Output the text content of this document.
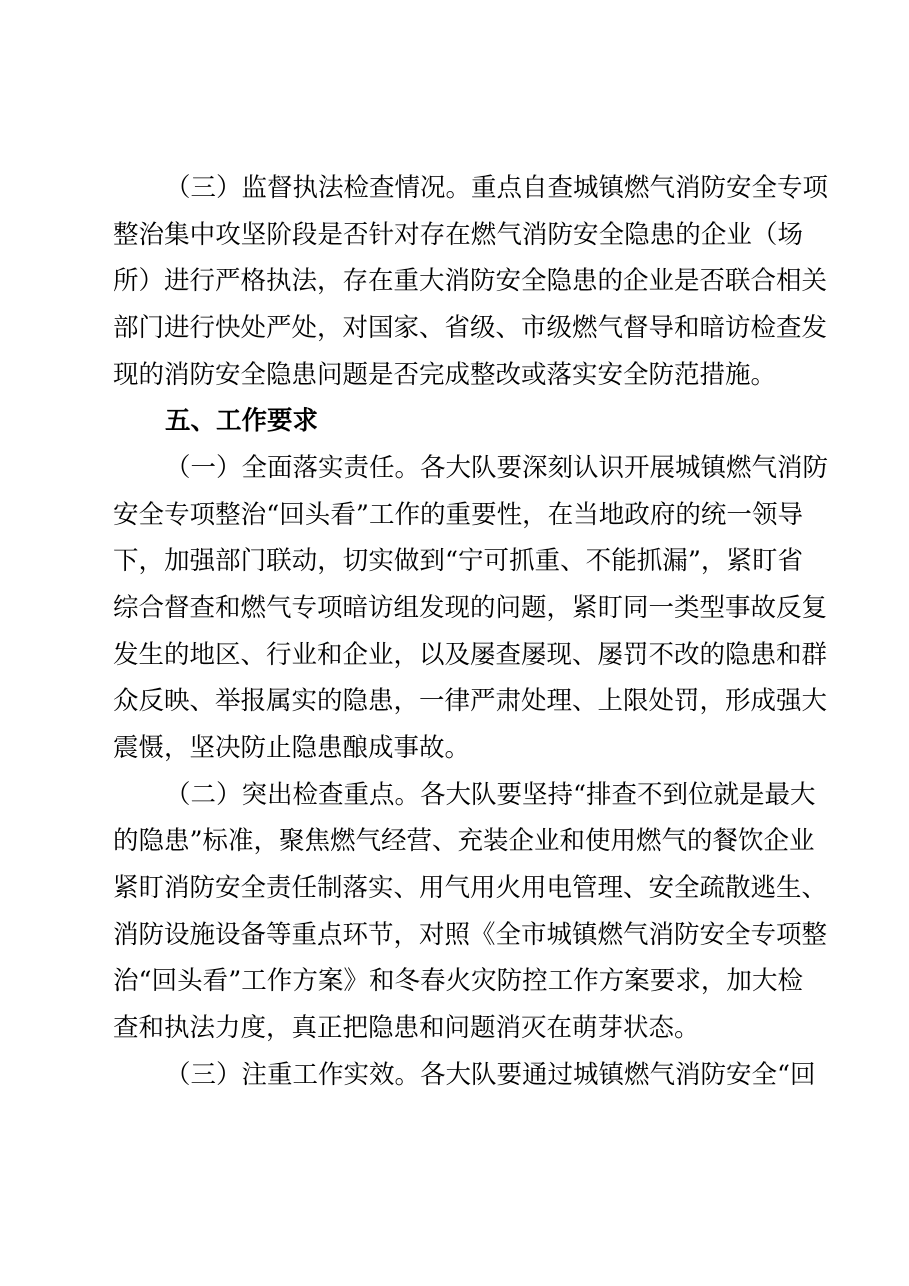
（三）监督执法检查情况。重点自查城镇燃气消防安全专项
整治集中攻坚阶段是否针对存在燃气消防安全隐患的企业（场
所）进行严格执法，存在重大消防安全隐患的企业是否联合相关
部门进行快处严处，对国家、省级、市级燃气督导和暗访检查发
现的消防安全隐患问题是否完成整改或落实安全防范措施。
五、工作要求
（一）全面落实责任。各大队要深刻认识开展城镇燃气消防
安全专项整治“回头看”工作的重要性，在当地政府的统一领导
下，加强部门联动，切实做到“宁可抓重、不能抓漏”，紧盯省
综合督查和燃气专项暗访组发现的问题，紧盯同一类型事故反复
发生的地区、行业和企业，以及屡查屡现、屡罚不改的隐患和群
众反映、举报属实的隐患，一律严肃处理、上限处罚，形成强大
震慑，坚决防止隐患酿成事故。
（二）突出检查重点。各大队要坚持“排查不到位就是最大
的隐患”标准，聚焦燃气经营、充装企业和使用燃气的餐饮企业
紧盯消防安全责任制落实、用气用火用电管理、安全疏散逃生、
消防设施设备等重点环节，对照《全市城镇燃气消防安全专项整
治“回头看”工作方案》和冬春火灾防控工作方案要求，加大检
查和执法力度，真正把隐患和问题消灭在萌芽状态。
（三）注重工作实效。各大队要通过城镇燃气消防安全“回
